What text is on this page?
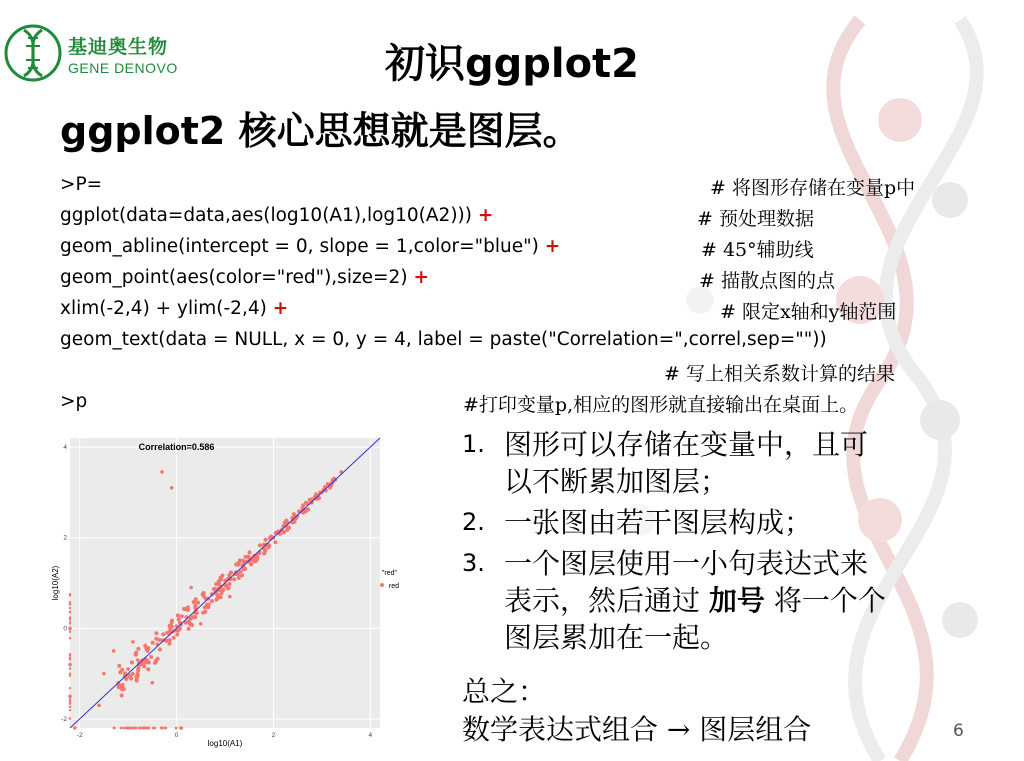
基迪奥生物
GENE DENOVO	初识ggplot2
ggplot2 核心思想就是图层。
>P=
ggplot(data=data,aes(log10(A1),log10(A2))) +
geom_abline(intercept = 0, slope = 1,color="blue") +
geom_point(aes(color="red"),size=2) +
xlim(-2,4) + ylim(-2,4) +
geom_text(data = NULL, x = 0, y = 4, label = paste("Correlation=",correl,sep=""))
>p
# 将图形存储在变量p中
# 预处理数据
# 45°辅助线
# 描散点图的点
# 限定x轴和y轴范围
# 写上相关系数计算的结果
#打印变量p,相应的图形就直接输出在桌面上。
Correlation=0.586
-2	0	2	4
-2
0
2
4
log10(A1)
log10(A2)	"red"
red
1. 图形可以存储在变量中，且可
以不断累加图层；
2. 一张图由若干图层构成；
3. 一个图层使用一小句表达式来
表示，然后通过 加号 将一个个
图层累加在一起。
总之：
数学表达式组合 → 图层组合	6
